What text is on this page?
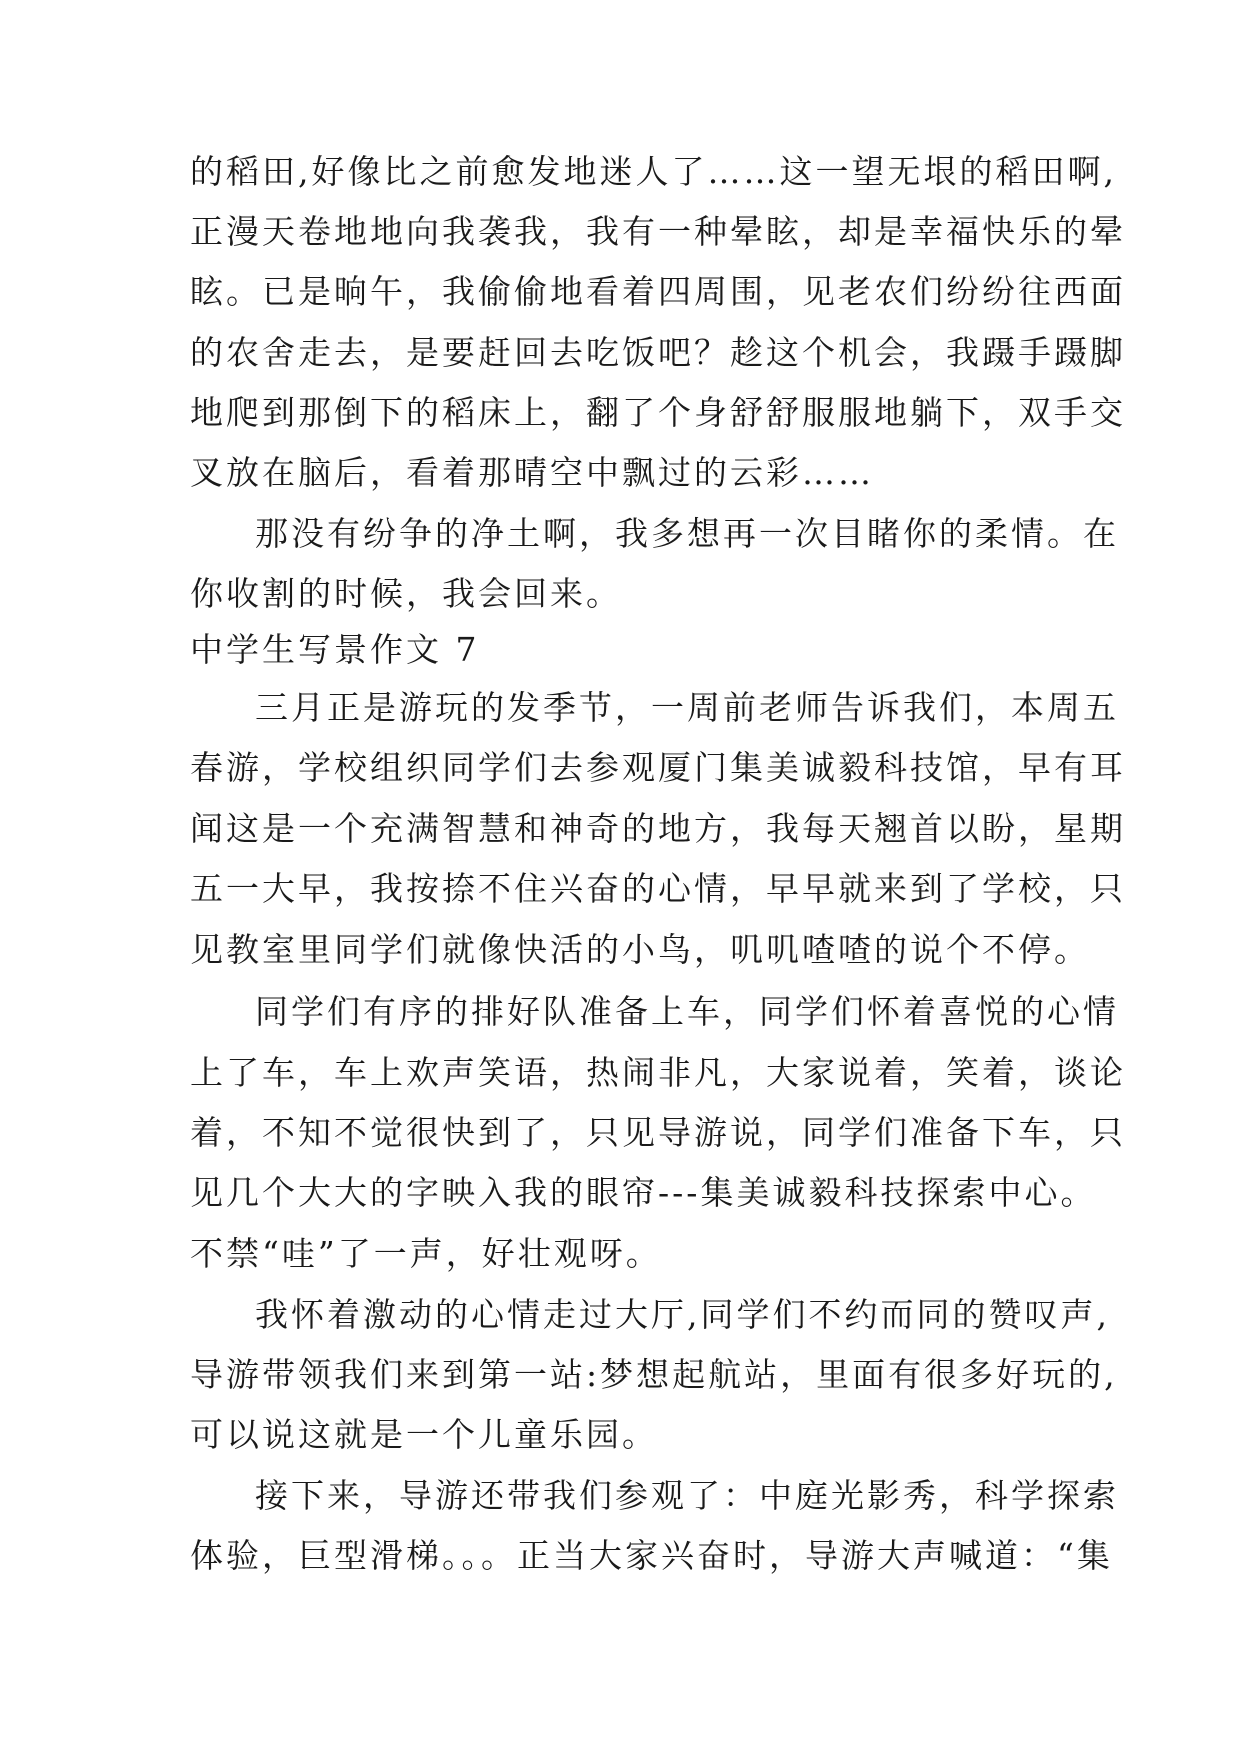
的稻田,好像比之前愈发地迷人了……这一望无垠的稻田啊,
正漫天卷地地向我袭我，我有一种晕眩，却是幸福快乐的晕
眩。已是晌午，我偷偷地看着四周围，见老农们纷纷往西面
的农舍走去，是要赶回去吃饭吧？趁这个机会，我蹑手蹑脚
地爬到那倒下的稻床上，翻了个身舒舒服服地躺下，双手交
叉放在脑后，看着那晴空中飘过的云彩……
那没有纷争的净土啊，我多想再一次目睹你的柔情。在
你收割的时候，我会回来。
中学生写景作文 7
三月正是游玩的发季节，一周前老师告诉我们，本周五
春游，学校组织同学们去参观厦门集美诚毅科技馆，早有耳
闻这是一个充满智慧和神奇的地方，我每天翘首以盼，星期
五一大早，我按捺不住兴奋的心情，早早就来到了学校，只
见教室里同学们就像快活的小鸟，叽叽喳喳的说个不停。
同学们有序的排好队准备上车，同学们怀着喜悦的心情
上了车，车上欢声笑语，热闹非凡，大家说着，笑着，谈论
着，不知不觉很快到了，只见导游说，同学们准备下车，只
见几个大大的字映入我的眼帘---集美诚毅科技探索中心。
不禁“哇”了一声，好壮观呀。
我怀着激动的心情走过大厅,同学们不约而同的赞叹声,
导游带领我们来到第一站:梦想起航站，里面有很多好玩的,
可以说这就是一个儿童乐园。
接下来，导游还带我们参观了：中庭光影秀，科学探索
体验，巨型滑梯。。。正当大家兴奋时，导游大声喊道：“集
